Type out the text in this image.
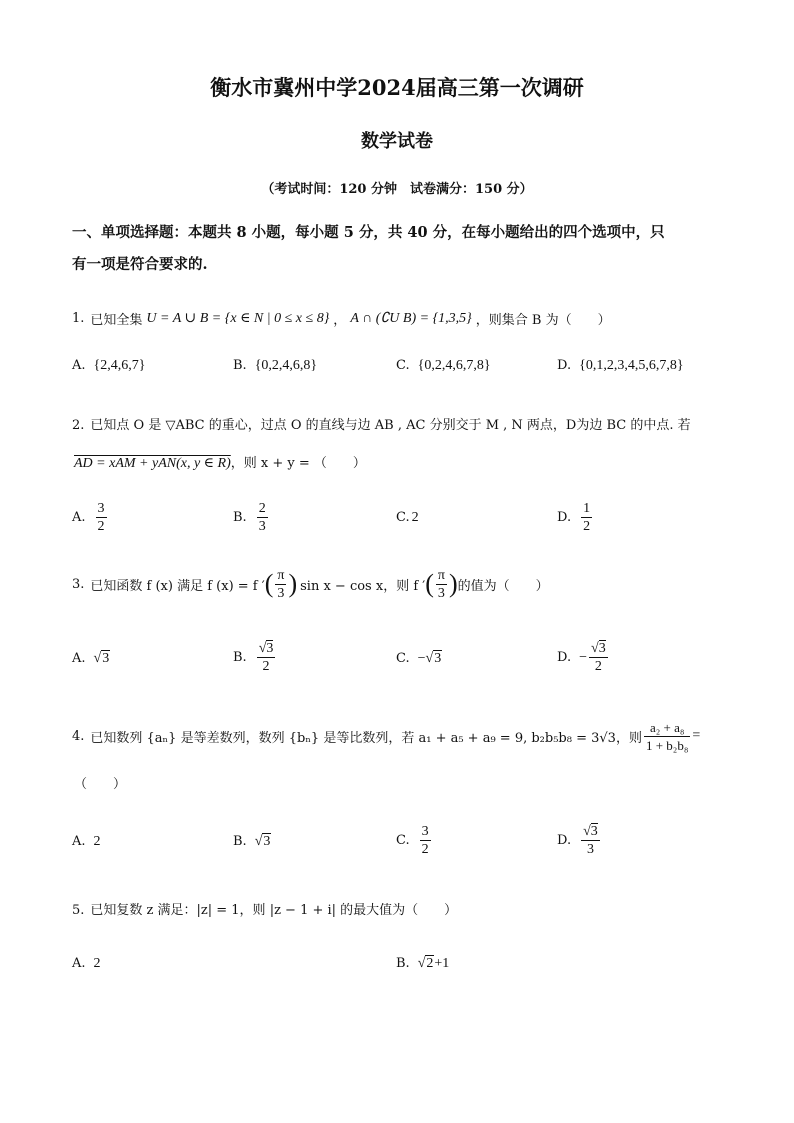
衡水市冀州中学2024届高三第一次调研
数学试卷
（考试时间：120 分钟　试卷满分：150 分）
一、单项选择题：本题共 8 小题，每小题 5 分，共 40 分，在每小题给出的四个选项中，只
有一项是符合要求的.
1. 已知全集 U = A ∪ B = {x ∈ N | 0 ≤ x ≤ 8} ， A ∩ (∁U B) = {1,3,5} ，则集合 B 为（　　）
A. {2,4,6,7}	B. {0,2,4,6,8}	C. {0,2,4,6,7,8}	D. {0,1,2,3,4,5,6,7,8}
2. 已知点 O 是 ▽ABC 的重心，过点 O 的直线与边 AB , AC 分别交于 M , N 两点，D为边 BC 的中点. 若
AD = xAM + yAN(x, y ∈ R)，则 x + y = （　　）
A. $\frac{3}{2}$	B. $\frac{2}{3}$	C. 2	D. $\frac{1}{2}$
3. 已知函数 f (x) 满足 f (x) = f ′ ( $\frac{\pi}{3}$ ) sin x − cos x，则 f ′ ( $\frac{\pi}{3}$ ) 的值为（　　）
A. √3	B. $\frac{√3}{2}$	C. −√3	D. − $\frac{√3}{2}$
4. 已知数列 {aₙ} 是等差数列，数列 {bₙ} 是等比数列，若 a₁ + a₅ + a₉ = 9, b₂b₅b₈ = 3√3，则 $\frac{\text{a₂ + a₈}}{\text{1 + b₂b₈}}$ =
（　　）
A. 2	B. √3	C. $\frac{3}{2}$	D. $\frac{√3}{3}$
5. 已知复数 z 满足：|z| = 1，则 |z − 1 + i| 的最大值为（　　）
A. 2	B. √2+1
